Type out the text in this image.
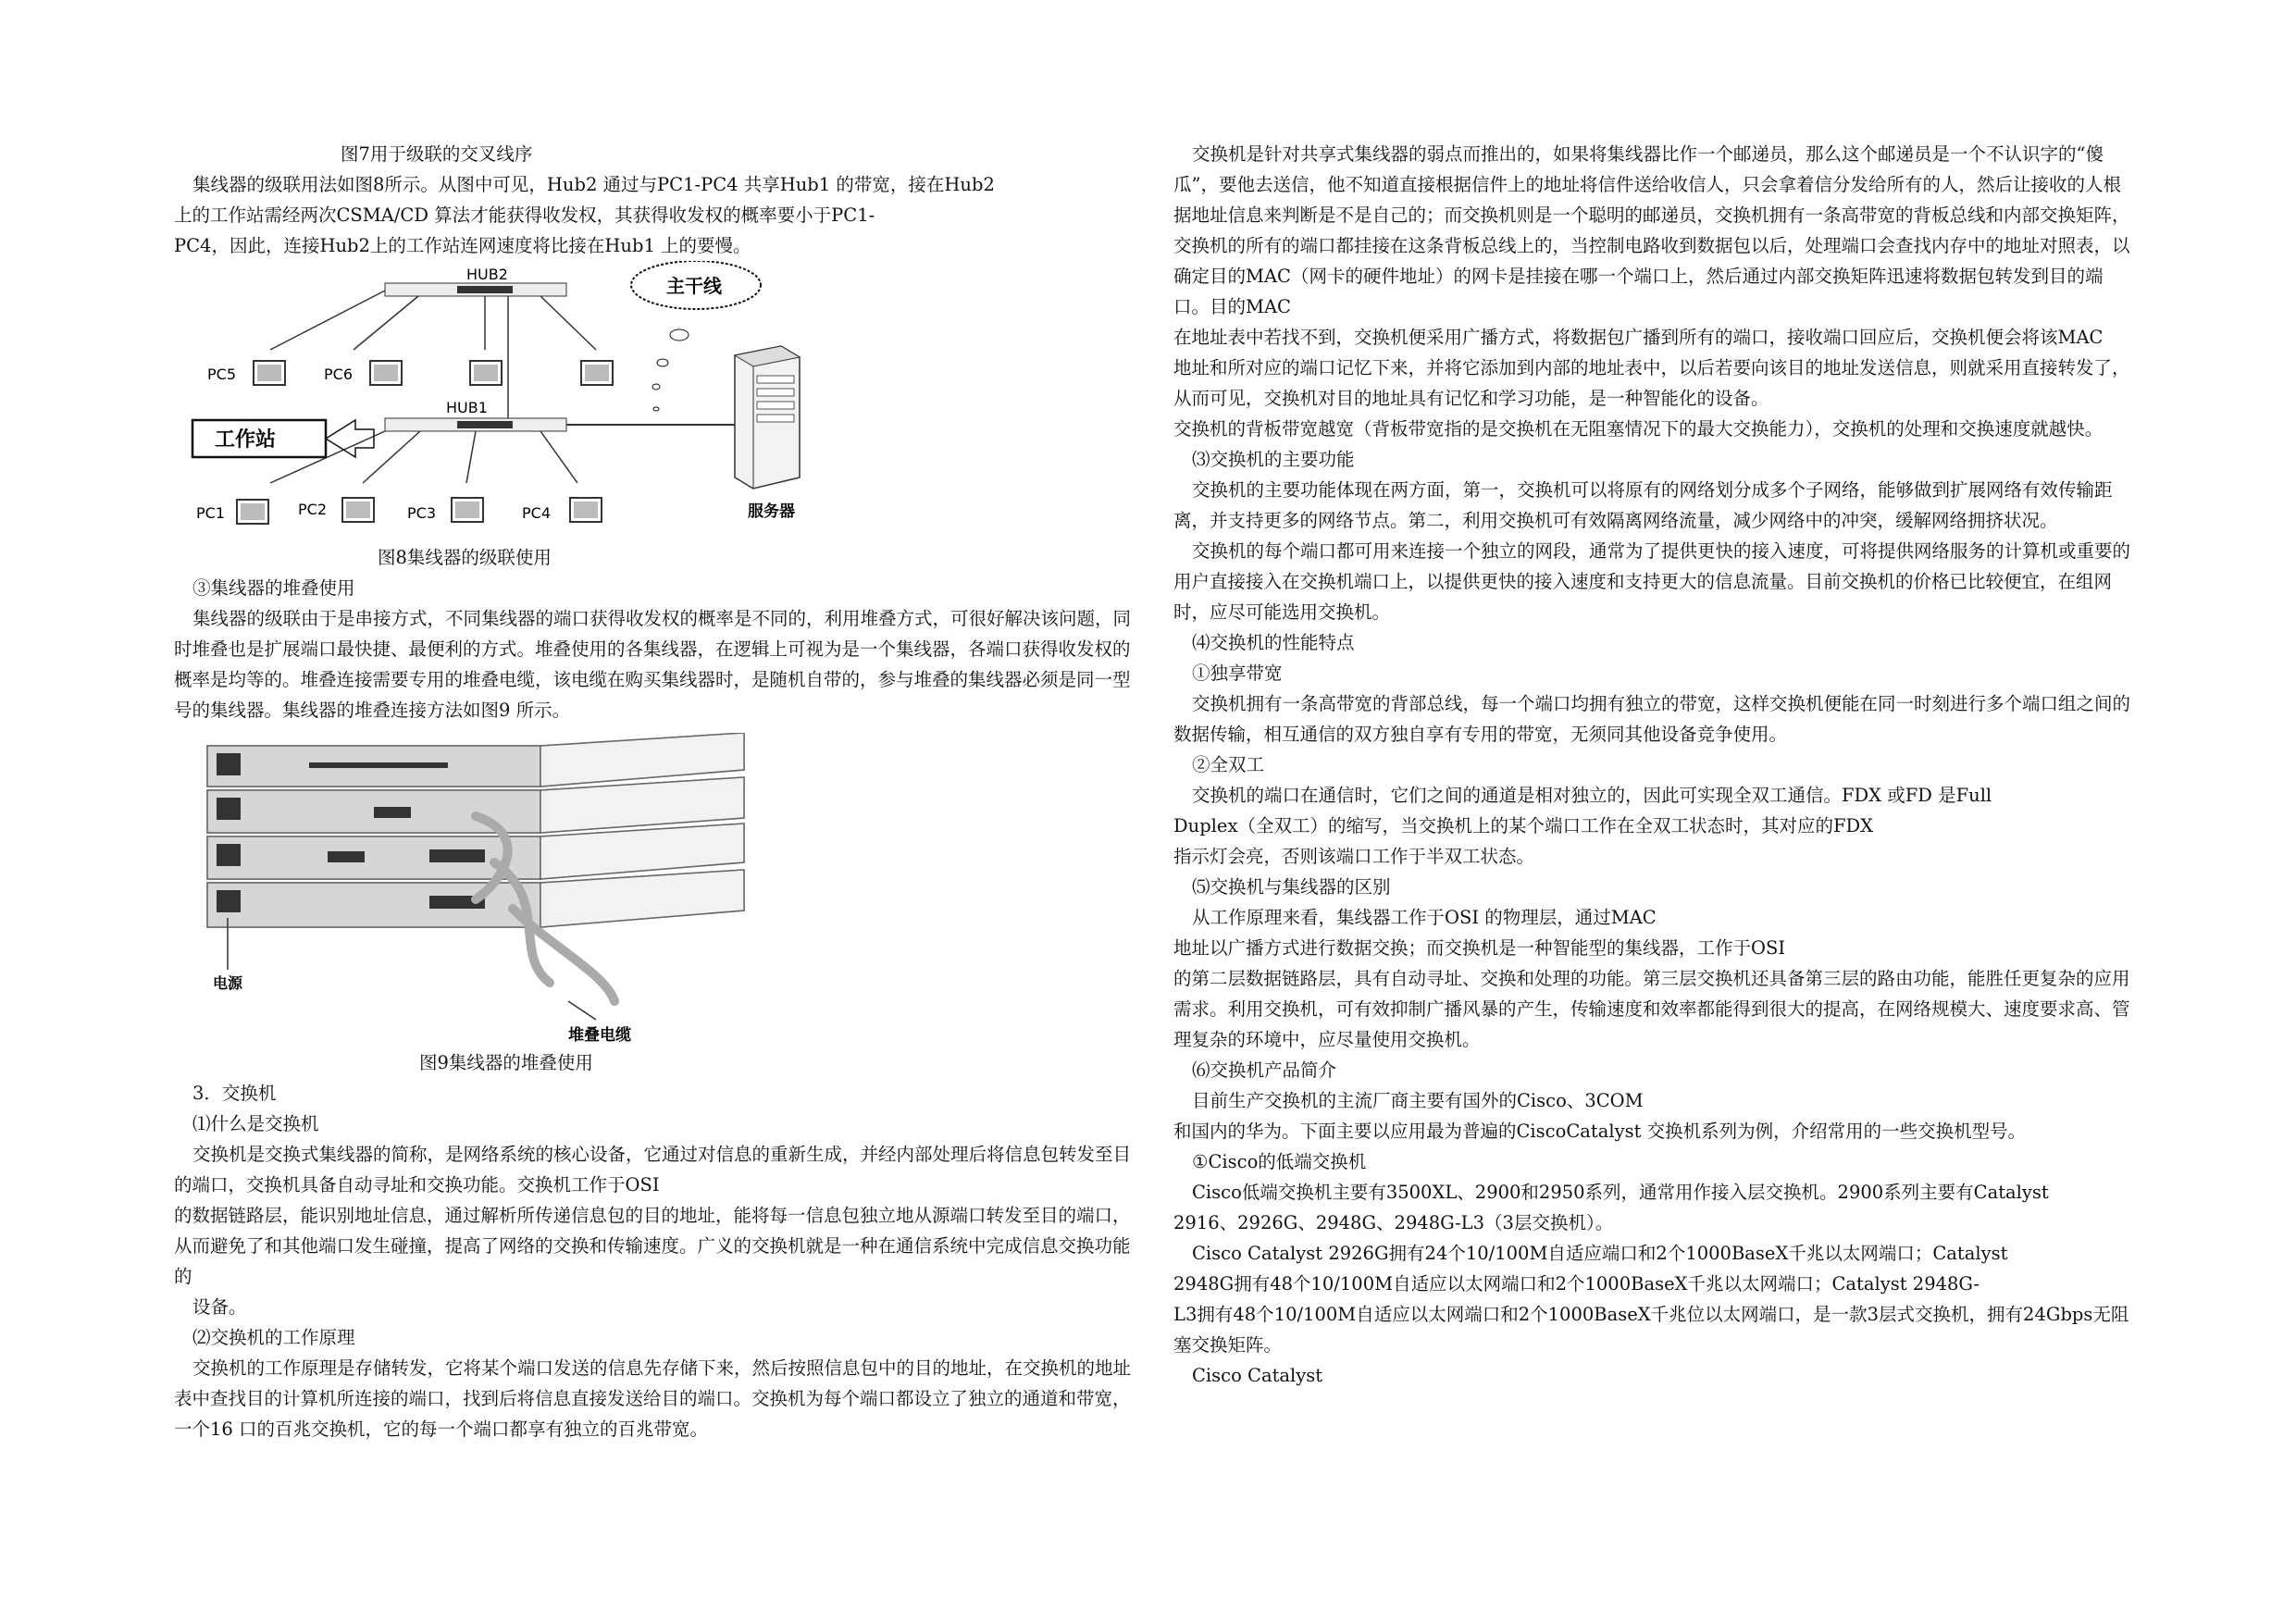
图7用于级联的交叉线序

集线器的级联用法如图8所示。从图中可见，Hub2 通过与PC1-PC4 共享Hub1 的带宽，接在Hub2

上的工作站需经两次CSMA/CD 算法才能获得收发权，其获得收发权的概率要小于PC1-

PC4，因此，连接Hub2上的工作站连网速度将比接在Hub1 上的要慢。

HUB2
HUB1
PC5	PC6
工作站
PC1	PC2	PC3	PC4
主干线
服务器

图8集线器的级联使用

③集线器的堆叠使用

集线器的级联由于是串接方式，不同集线器的端口获得收发权的概率是不同的，利用堆叠方式，可很好解决该问题，同时堆叠也是扩展端口最快捷、最便利的方式。堆叠使用的各集线器，在逻辑上可视为是一个集线器，各端口获得收发权的概率是均等的。堆叠连接需要专用的堆叠电缆，该电缆在购买集线器时，是随机自带的，参与堆叠的集线器必须是同一型号的集线器。集线器的堆叠连接方法如图9 所示。

电源
堆叠电缆

图9集线器的堆叠使用

3．交换机

⑴什么是交换机

交换机是交换式集线器的简称，是网络系统的核心设备，它通过对信息的重新生成，并经内部处理后将信息包转发至目的端口，交换机具备自动寻址和交换功能。交换机工作于OSI

的数据链路层，能识别地址信息，通过解析所传递信息包的目的地址，能将每一信息包独立地从源端口转发至目的端口，从而避免了和其他端口发生碰撞，提高了网络的交换和传输速度。广义的交换机就是一种在通信系统中完成信息交换功能的

设备。

⑵交换机的工作原理

交换机的工作原理是存储转发，它将某个端口发送的信息先存储下来，然后按照信息包中的目的地址，在交换机的地址表中查找目的计算机所连接的端口，找到后将信息直接发送给目的端口。交换机为每个端口都设立了独立的通道和带宽，一个16 口的百兆交换机，它的每一个端口都享有独立的百兆带宽。

交换机是针对共享式集线器的弱点而推出的，如果将集线器比作一个邮递员，那么这个邮递员是一个不认识字的“傻瓜”，要他去送信，他不知道直接根据信件上的地址将信件送给收信人，只会拿着信分发给所有的人，然后让接收的人根据地址信息来判断是不是自己的；而交换机则是一个聪明的邮递员，交换机拥有一条高带宽的背板总线和内部交换矩阵，交换机的所有的端口都挂接在这条背板总线上的，当控制电路收到数据包以后，处理端口会查找内存中的地址对照表，以确定目的MAC（网卡的硬件地址）的网卡是挂接在哪一个端口上，然后通过内部交换矩阵迅速将数据包转发到目的端口。目的MAC

在地址表中若找不到，交换机便采用广播方式，将数据包广播到所有的端口，接收端口回应后，交换机便会将该MAC

地址和所对应的端口记忆下来，并将它添加到内部的地址表中，以后若要向该目的地址发送信息，则就采用直接转发了，从而可见，交换机对目的地址具有记忆和学习功能，是一种智能化的设备。

交换机的背板带宽越宽（背板带宽指的是交换机在无阻塞情况下的最大交换能力），交换机的处理和交换速度就越快。

⑶交换机的主要功能

交换机的主要功能体现在两方面，第一，交换机可以将原有的网络划分成多个子网络，能够做到扩展网络有效传输距离，并支持更多的网络节点。第二，利用交换机可有效隔离网络流量，减少网络中的冲突，缓解网络拥挤状况。

交换机的每个端口都可用来连接一个独立的网段，通常为了提供更快的接入速度，可将提供网络服务的计算机或重要的用户直接接入在交换机端口上，以提供更快的接入速度和支持更大的信息流量。目前交换机的价格已比较便宜，在组网时，应尽可能选用交换机。

⑷交换机的性能特点

①独享带宽

交换机拥有一条高带宽的背部总线，每一个端口均拥有独立的带宽，这样交换机便能在同一时刻进行多个端口组之间的数据传输，相互通信的双方独自享有专用的带宽，无须同其他设备竞争使用。

②全双工

交换机的端口在通信时，它们之间的通道是相对独立的，因此可实现全双工通信。FDX 或FD 是Full

Duplex（全双工）的缩写，当交换机上的某个端口工作在全双工状态时，其对应的FDX

指示灯会亮，否则该端口工作于半双工状态。

⑸交换机与集线器的区别

从工作原理来看，集线器工作于OSI 的物理层，通过MAC

地址以广播方式进行数据交换；而交换机是一种智能型的集线器，工作于OSI

的第二层数据链路层，具有自动寻址、交换和处理的功能。第三层交换机还具备第三层的路由功能，能胜任更复杂的应用需求。利用交换机，可有效抑制广播风暴的产生，传输速度和效率都能得到很大的提高，在网络规模大、速度要求高、管理复杂的环境中，应尽量使用交换机。

⑹交换机产品简介

目前生产交换机的主流厂商主要有国外的Cisco、3COM

和国内的华为。下面主要以应用最为普遍的CiscoCatalyst 交换机系列为例，介绍常用的一些交换机型号。

①Cisco的低端交换机

Cisco低端交换机主要有3500XL、2900和2950系列，通常用作接入层交换机。2900系列主要有Catalyst

2916、2926G、2948G、2948G-L3（3层交换机）。

Cisco Catalyst 2926G拥有24个10/100M自适应端口和2个1000BaseX千兆以太网端口；Catalyst

2948G拥有48个10/100M自适应以太网端口和2个1000BaseX千兆以太网端口；Catalyst 2948G-

L3拥有48个10/100M自适应以太网端口和2个1000BaseX千兆位以太网端口，是一款3层式交换机，拥有24Gbps无阻塞交换矩阵。

Cisco Catalyst
